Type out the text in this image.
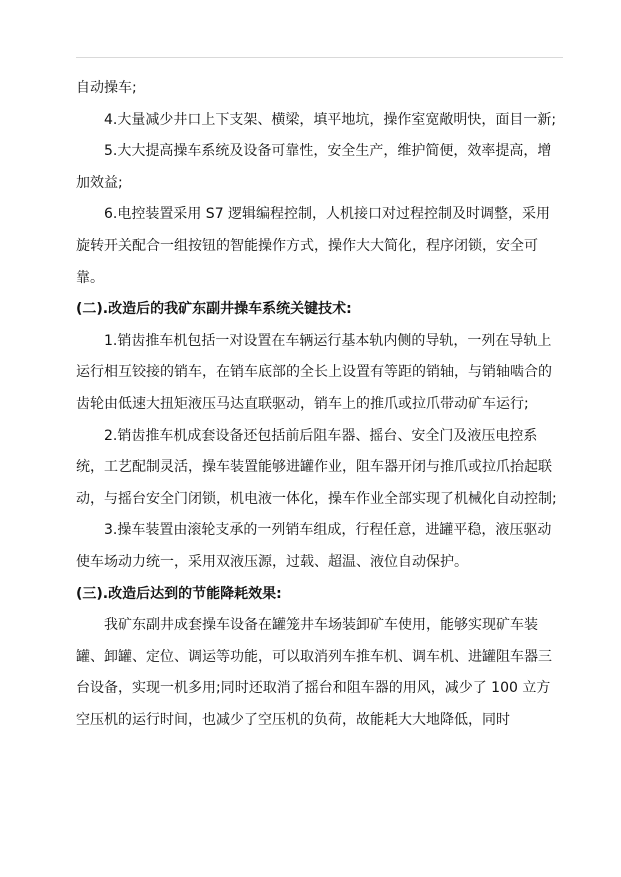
自动操车;

4.大量减少井口上下支架、横梁，填平地坑，操作室宽敞明快，面目一新;

5.大大提高操车系统及设备可靠性，安全生产，维护简便，效率提高，增加效益;

6.电控装置采用 S7 逻辑编程控制，人机接口对过程控制及时调整，采用旋转开关配合一组按钮的智能操作方式，操作大大简化，程序闭锁，安全可靠。

(二).改造后的我矿东副井操车系统关键技术:

1.销齿推车机包括一对设置在车辆运行基本轨内侧的导轨，一列在导轨上运行相互铰接的销车，在销车底部的全长上设置有等距的销轴，与销轴啮合的齿轮由低速大扭矩液压马达直联驱动，销车上的推爪或拉爪带动矿车运行;

2.销齿推车机成套设备还包括前后阻车器、摇台、安全门及液压电控系统，工艺配制灵活，操车装置能够进罐作业，阻车器开闭与推爪或拉爪抬起联动，与摇台安全门闭锁，机电液一体化，操车作业全部实现了机械化自动控制;

3.操车装置由滚轮支承的一列销车组成，行程任意，进罐平稳，液压驱动使车场动力统一，采用双液压源，过载、超温、液位自动保护。

(三).改造后达到的节能降耗效果:

我矿东副井成套操车设备在罐笼井车场装卸矿车使用，能够实现矿车装罐、卸罐、定位、调运等功能，可以取消列车推车机、调车机、进罐阻车器三台设备，实现一机多用;同时还取消了摇台和阻车器的用风，减少了 100 立方空压机的运行时间，也减少了空压机的负荷，故能耗大大地降低，同时
